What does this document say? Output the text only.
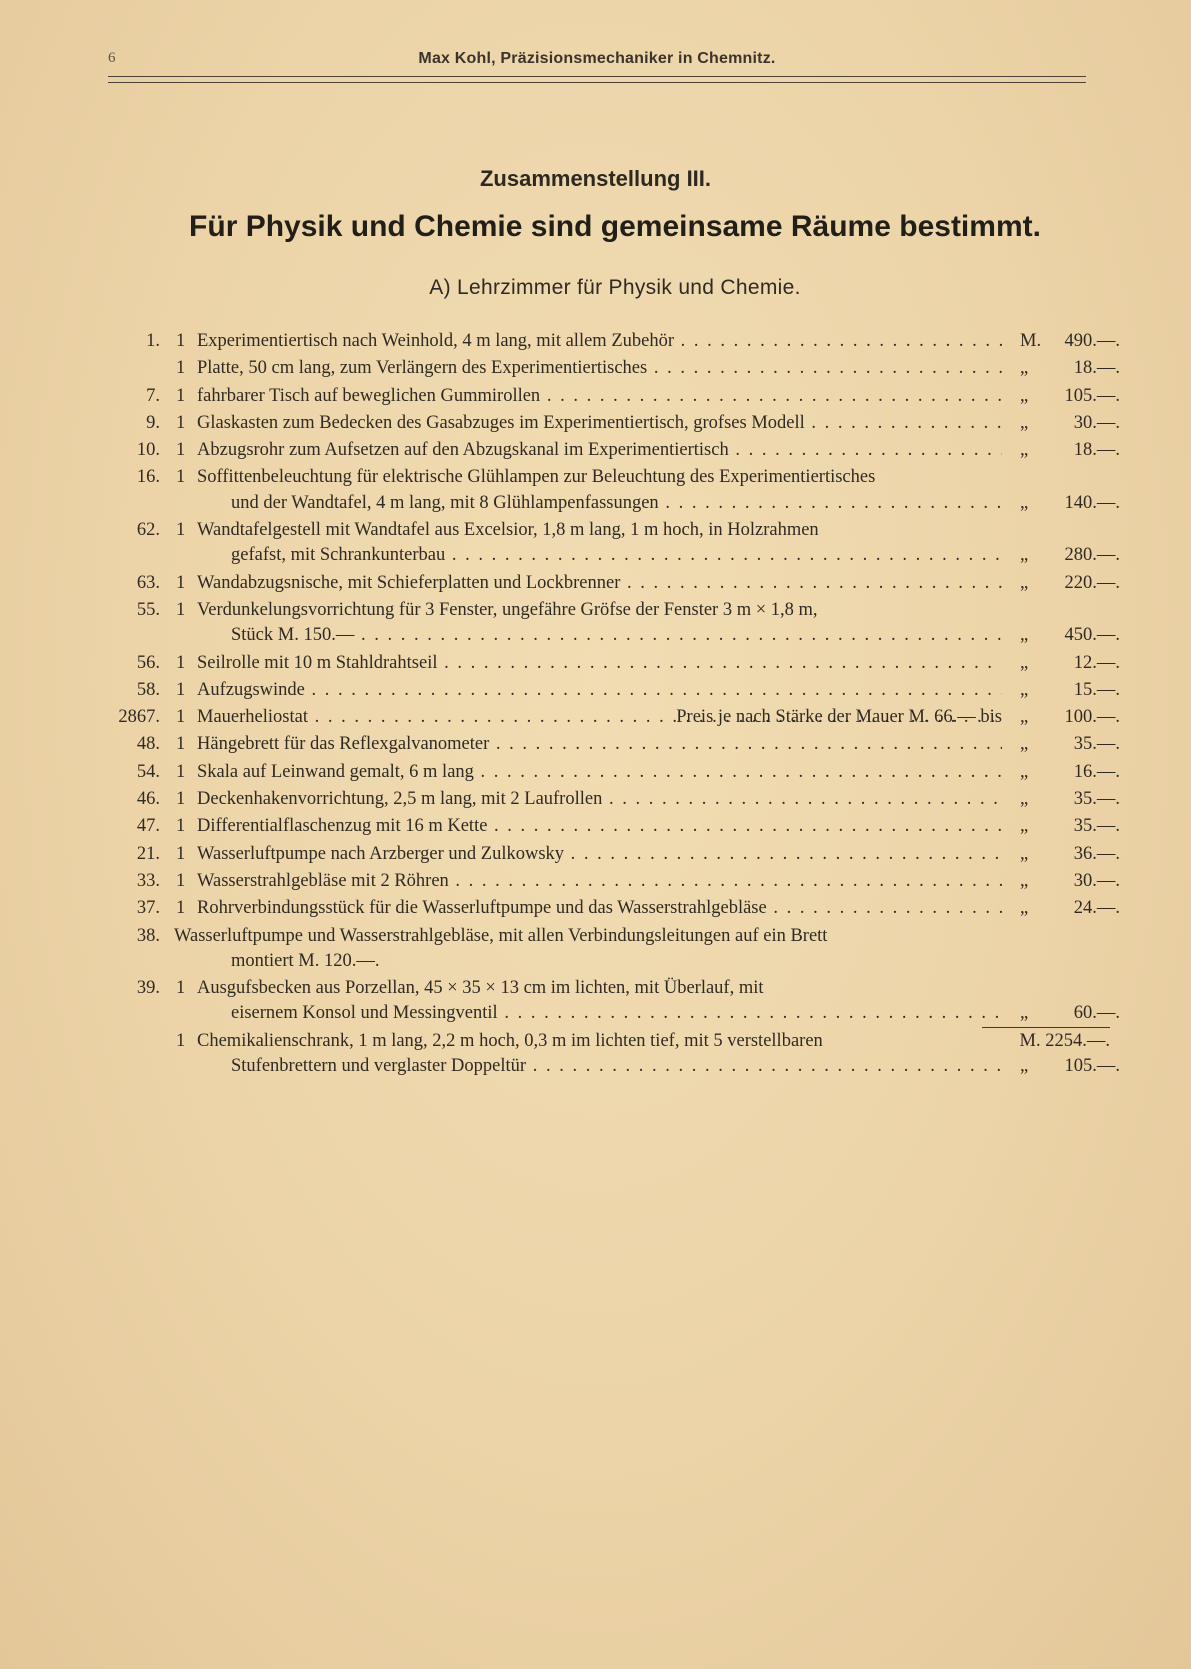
6	Max Kohl, Präzisionsmechaniker in Chemnitz.
Zusammenstellung III.
Für Physik und Chemie sind gemeinsame Räume bestimmt.
A) Lehrzimmer für Physik und Chemie.
1. 1 Experimentiertisch nach Weinhold, 4 m lang, mit allem Zubehör . . .	M.	490.—.
1 Platte, 50 cm lang, zum Verlängern des Experimentiertisches . . .	„	18.—.
7. 1 fahrbarer Tisch auf beweglichen Gummirollen . . .	„	105.—.
9. 1 Glaskasten zum Bedecken des Gasabzuges im Experimentiertisch, grofses Modell . . .	„	30.—.
10. 1 Abzugsrohr zum Aufsetzen auf den Abzugskanal im Experimentiertisch . . .	„	18.—.
16. 1 Soffittenbeleuchtung für elektrische Glühlampen zur Beleuchtung des Experimentiertisches
und der Wandtafel, 4 m lang, mit 8 Glühlampenfassungen . . .	„	140.—.
62. 1 Wandtafelgestell mit Wandtafel aus Excelsior, 1,8 m lang, 1 m hoch, in Holzrahmen
gefafst, mit Schrankunterbau . . .	„	280.—.
63. 1 Wandabzugsnische, mit Schieferplatten und Lockbrenner . . .	„	220.—.
55. 1 Verdunkelungsvorrichtung für 3 Fenster, ungefähre Gröfse der Fenster 3 m × 1,8 m,
Stück M. 150.— . . .	„	450.—.
56. 1 Seilrolle mit 10 m Stahldrahtseil . . .	„	12.—.
58. 1 Aufzugswinde . . .	„	15.—.
2867. 1 Mauerheliostat . . .	Preis je nach Stärke der Mauer M. 66.— bis „	100.—.
48. 1 Hängebrett für das Reflexgalvanometer . . .	„	35.—.
54. 1 Skala auf Leinwand gemalt, 6 m lang . . .	„	16.—.
46. 1 Deckenhakenvorrichtung, 2,5 m lang, mit 2 Laufrollen . . .	„	35.—.
47. 1 Differentialflaschenzug mit 16 m Kette . . .	„	35.—.
21. 1 Wasserluftpumpe nach Arzberger und Zulkowsky . . .	„	36.—.
33. 1 Wasserstrahlgebläse mit 2 Röhren . . .	„	30.—.
37. 1 Rohrverbindungsstück für die Wasserluftpumpe und das Wasserstrahlgebläse . . .	„	24.—.
38. Wasserluftpumpe und Wasserstrahlgebläse, mit allen Verbindungsleitungen auf ein Brett
montiert M. 120.—.
39. 1 Ausgufsbecken aus Porzellan, 45 × 35 × 13 cm im lichten, mit Überlauf, mit
eisernem Konsol und Messingventil . . .	„	60.—.
1 Chemikalienschrank, 1 m lang, 2,2 m hoch, 0,3 m im lichten tief, mit 5 verstellbaren
Stufenbrettern und verglaster Doppeltür . . .	„	105.—.
M. 2254.—.
